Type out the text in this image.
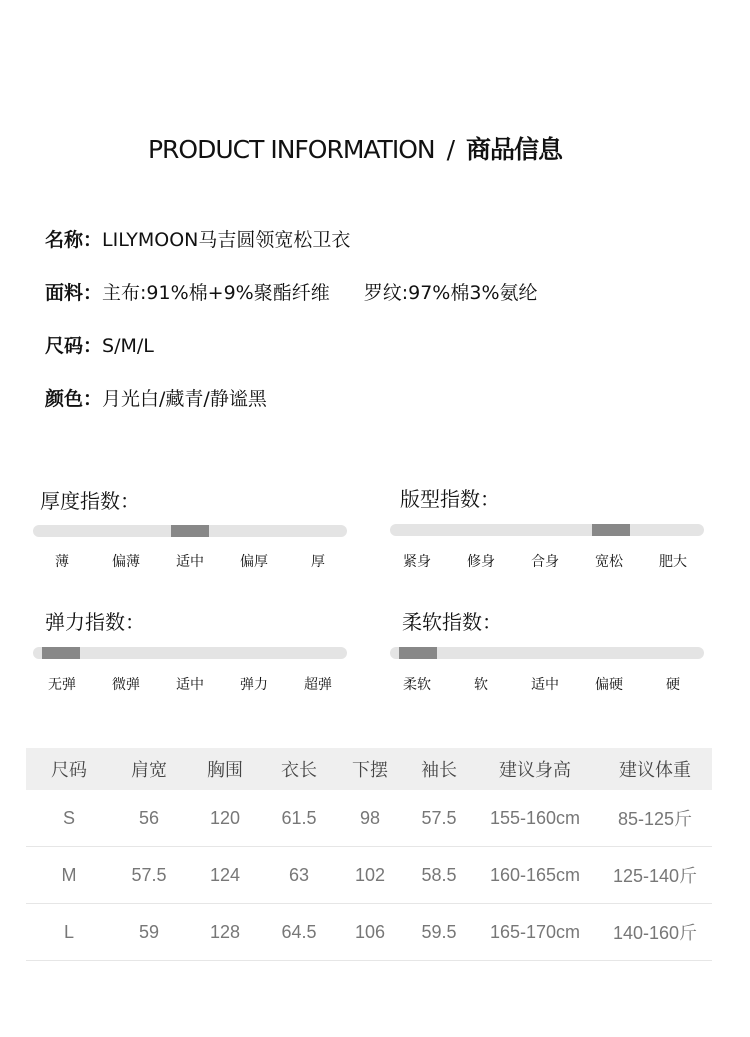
PRODUCT INFORMATION / 商品信息
名称：LILYMOON马吉圆领宽松卫衣
面料：主布:91%棉+9%聚酯纤维 罗纹:97%棉3%氨纶
尺码：S/M/L
颜色：月光白/藏青/静谧黑
厚度指数：
薄	偏薄	适中	偏厚	厚
版型指数：
紧身	修身	合身	宽松	肥大
弹力指数：
无弹	微弹	适中	弹力	超弹
柔软指数：
柔软	软	适中	偏硬	硬
尺码	肩宽	胸围	衣长	下摆	袖长	建议身高	建议体重
S	56	120	61.5	98	57.5	155-160cm	85-125斤
M	57.5	124	63	102	58.5	160-165cm	125-140斤
L	59	128	64.5	106	59.5	165-170cm	140-160斤
